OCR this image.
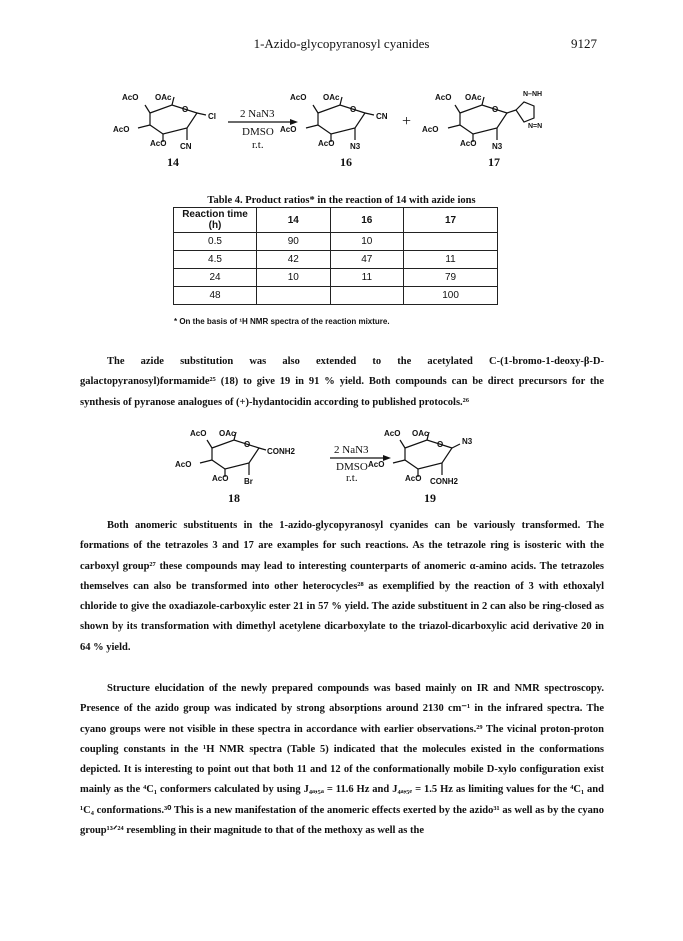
1-Azido-glycopyranosyl cyanides	9127
AcO OAc
O
AcO
AcO CN
Cl
AcO OAc
O
AcO
AcO N3
CN
AcO OAc
O
AcO
AcO N3
N–NH
N=N
2 NaN3
DMSO
r.t.
+
14	16	17
Table 4. Product ratios* in the reaction of 14 with azide ions
Reaction time (h)	14	16	17
0.5	90	10	
4.5	42	47	11
24	10	11	79
48			100
* On the basis of ¹H NMR spectra of the reaction mixture.

The azide substitution was also extended to the acetylated C-(1-bromo-1-deoxy-β-D-galactopyranosyl)formamide²⁵ (18) to give 19 in 91 % yield. Both compounds can be direct precursors for the synthesis of pyranose analogues of (+)-hydantocidin according to published protocols.²⁶

AcO OAc
O
AcO
AcO Br
CONH2
AcO OAc
O
AcO
AcO CONH2
N3
2 NaN3
DMSO
r.t.
18	19

Both anomeric substituents in the 1-azido-glycopyranosyl cyanides can be variously transformed. The formations of the tetrazoles 3 and 17 are examples for such reactions. As the tetrazole ring is isosteric with the carboxyl group²⁷ these compounds may lead to interesting counterparts of anomeric α-amino acids. The tetrazoles themselves can also be transformed into other heterocycles²⁸ as exemplified by the reaction of 3 with ethoxalyl chloride to give the oxadiazole-carboxylic ester 21 in 57 % yield. The azide substituent in 2 can also be ring-closed as shown by its transformation with dimethyl acetylene dicarboxylate to the triazol-dicarboxylic acid derivative 20 in 64 % yield.

Structure elucidation of the newly prepared compounds was based mainly on IR and NMR spectroscopy. Presence of the azido group was indicated by strong absorptions around 2130 cm⁻¹ in the infrared spectra. The cyano groups were not visible in these spectra in accordance with earlier observations.²⁹ The vicinal proton-proton coupling constants in the ¹H NMR spectra (Table 5) indicated that the molecules existed in the conformations depicted. It is interesting to point out that both 11 and 12 of the conformationally mobile D-xylo configuration exist mainly as the ⁴C₁ conformers calculated by using J₄ₐ,₅ₐ = 11.6 Hz and J₄ₐ,₅ₑ = 1.5 Hz as limiting values for the ⁴C₁ and ¹C₄ conformations.³⁰ This is a new manifestation of the anomeric effects exerted by the azido³¹ as well as by the cyano group¹³ᐟ²⁴ resembling in their magnitude to that of the methoxy as well as the
